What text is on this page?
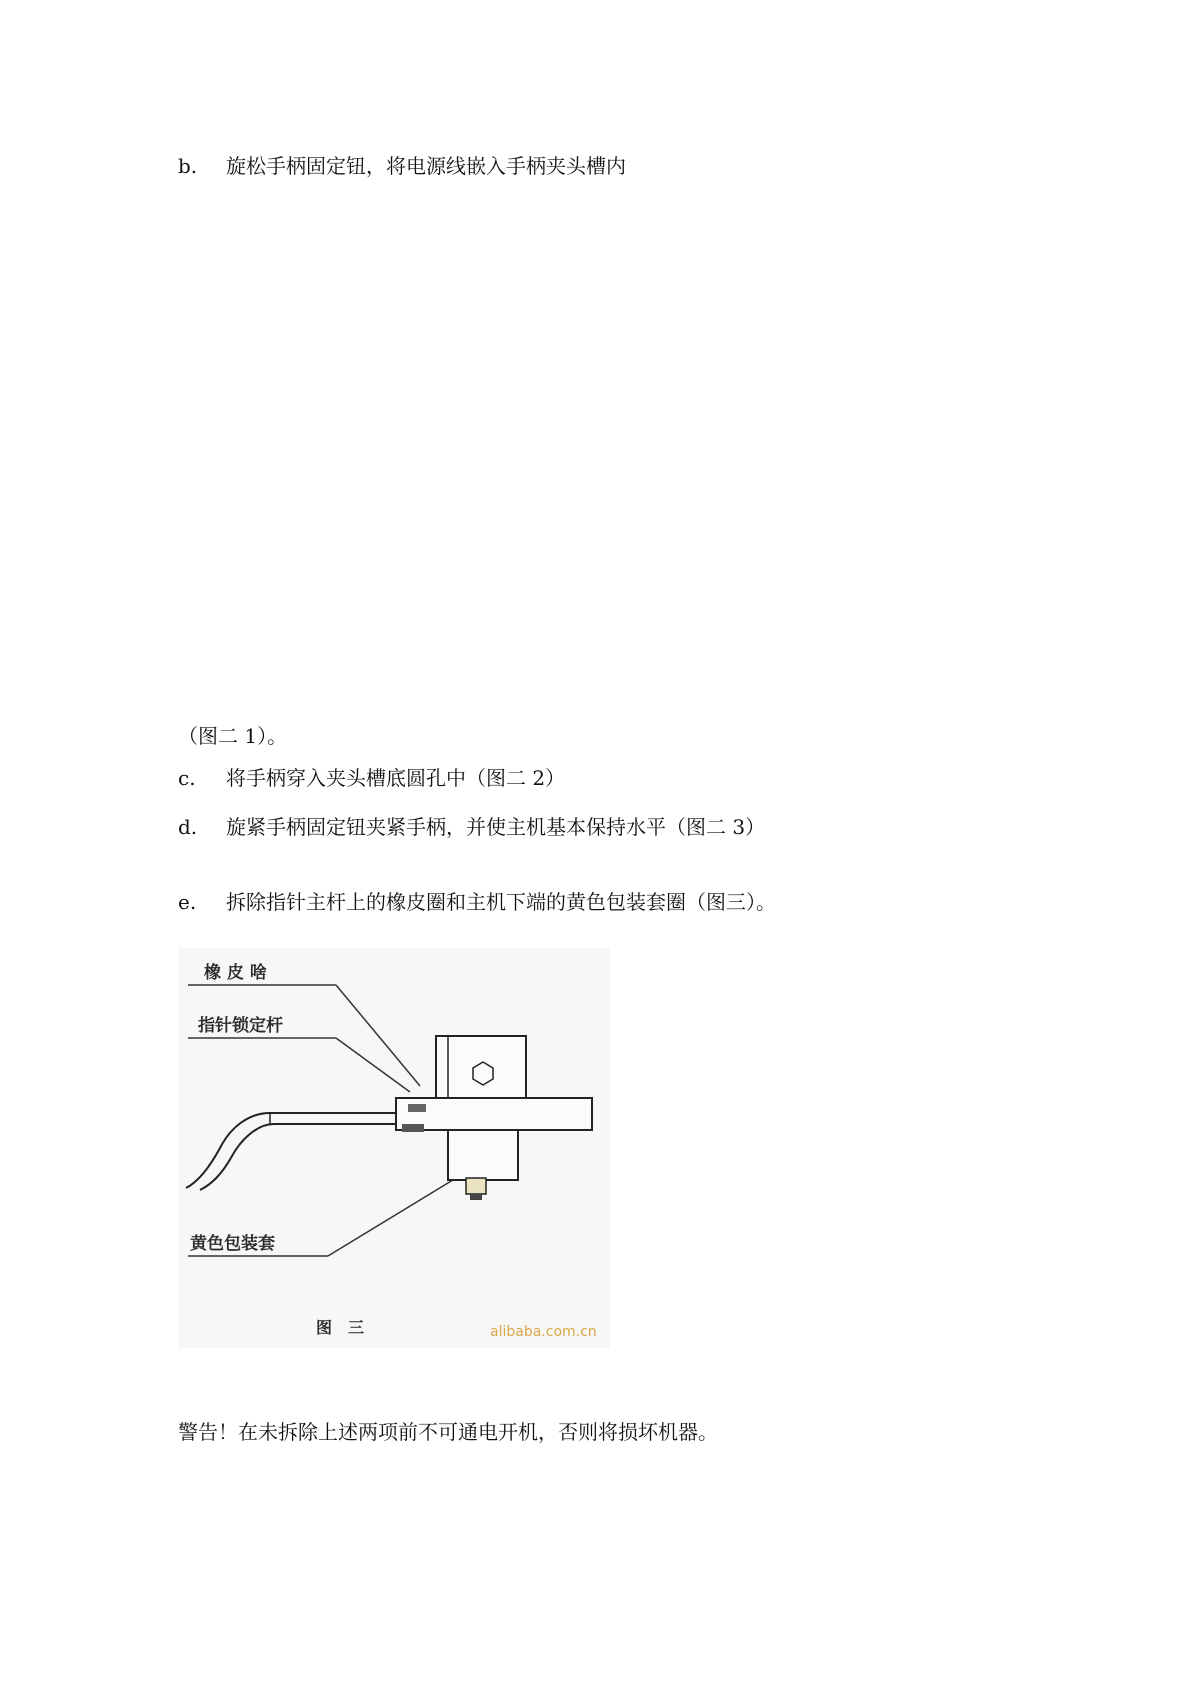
b. 旋松手柄固定钮，将电源线嵌入手柄夹头槽内
（图二 1）。
c. 将手柄穿入夹头槽底圆孔中（图二 2）
d. 旋紧手柄固定钮夹紧手柄，并使主机基本保持水平（图二 3）
e. 拆除指针主杆上的橡皮圈和主机下端的黄色包装套圈（图三）。
橡 皮 啥
指针锁定杆
黄色包装套
图　三	alibaba.com.cn
警告！在未拆除上述两项前不可通电开机，否则将损坏机器。
